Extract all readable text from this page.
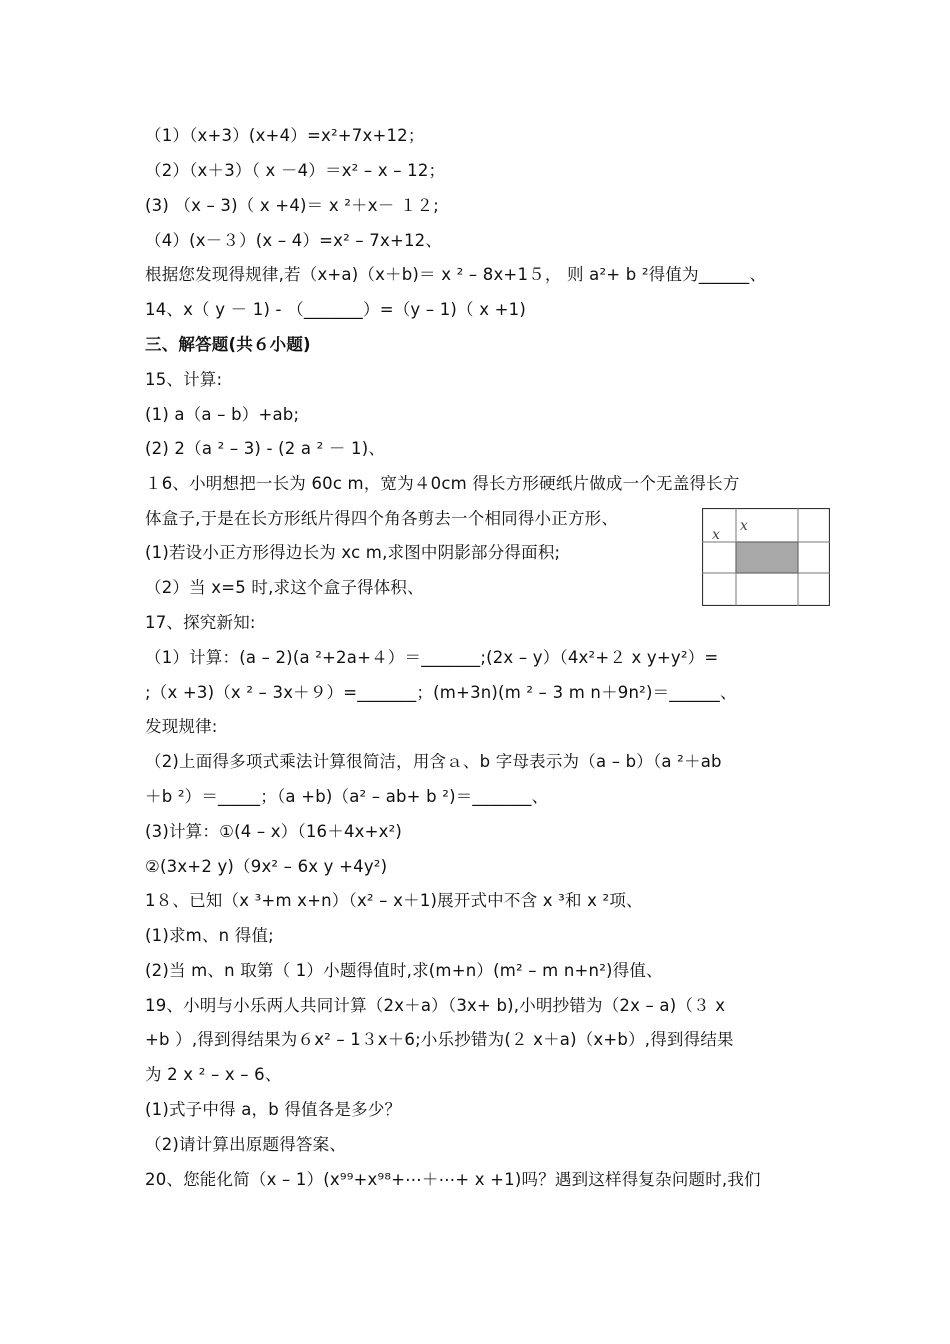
（1）（x+3）(x+4）=x²+7x+12；
（2）（x＋3）（ x －4）＝x² – x – 12；
(3) （x – 3)（ x +4)＝ x ²＋x－ １２;
（4）(x－３）(x – 4）=x² – 7x+12、
根据您发现得规律,若（x+a)（x＋b)＝ x ² – 8x+1５， 则 a²+ b ²得值为______、
14、x（ y － 1) - （_______）=（y – 1)（ x +1)
三、解答题(共６小题)
15、计算:
(1) a（a – b）+ab;
(2) 2（a ² – 3) - (2 a ² － 1)、
１6、小明想把一长为 60c m，宽为４0cm 得长方形硬纸片做成一个无盖得长方
体盒子,于是在长方形纸片得四个角各剪去一个相同得小正方形、
(1)若设小正方形得边长为 xc m,求图中阴影部分得面积;
（2）当 x=5 时,求这个盒子得体积、
17、探究新知:
（1）计算：(a – 2)(a ²+2a+４）＝_______;(2x – y）（4x²+２ x y+y²）=
;（x +3)（x ² – 3x＋９）=_______；(m+3n)(m ² – 3 m n＋9n²)＝______、
发现规律:
（2)上面得多项式乘法计算很简洁，用含ａ、b 字母表示为（a – b）（a ²＋ab
＋b ²）＝_____；（a +b)（a² – ab+ b ²)＝_______、
(3)计算：①(4 – x）（16＋4x+x²)
②(3x+2 y)（9x² – 6x y +4y²)
1８、已知（x ³+m x+n）（x² – x＋1)展开式中不含 x ³和 x ²项、
(1)求m、n 得值;
(2)当 m、n 取第（ 1）小题得值时,求(m+n）(m² – m n+n²)得值、
19、小明与小乐两人共同计算（2x＋a）（3x+ b),小明抄错为（2x – a)（３ x
+b ）,得到得结果为６x² – 1３x＋6;小乐抄错为(２ x＋a)（x+b）,得到得结果
为 2 x ² – x – 6、
(1)式子中得 a，b 得值各是多少？
（2)请计算出原题得答案、
20、您能化简（x – 1）(x⁹⁹+x⁹⁸+⋯＋⋯+ x +1)吗？遇到这样得复杂问题时,我们
x
x
